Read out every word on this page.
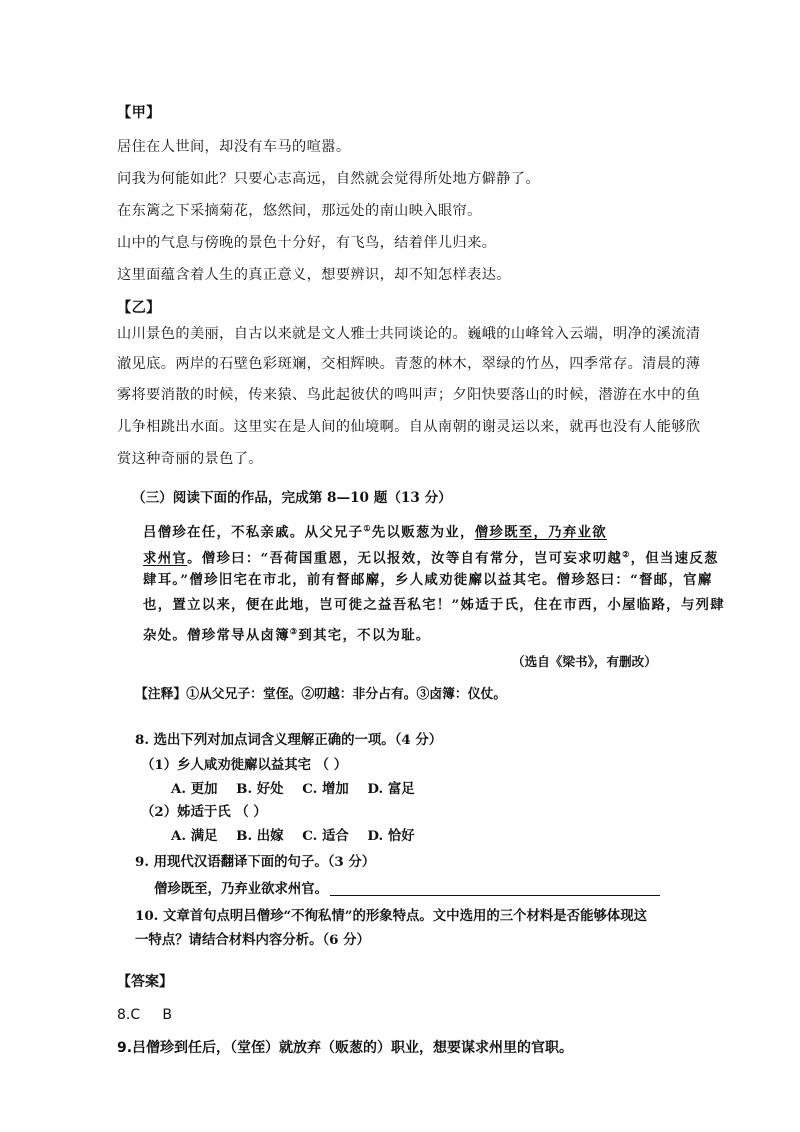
【甲】
居住在人世间，却没有车马的喧嚣。
问我为何能如此？只要心志高远，自然就会觉得所处地方僻静了。
在东篱之下采摘菊花，悠然间，那远处的南山映入眼帘。
山中的气息与傍晚的景色十分好，有飞鸟，结着伴儿归来。
这里面蕴含着人生的真正意义，想要辨识，却不知怎样表达。
【乙】
山川景色的美丽，自古以来就是文人雅士共同谈论的。巍峨的山峰耸入云端，明净的溪流清
澈见底。两岸的石壁色彩斑斓，交相辉映。青葱的林木，翠绿的竹丛，四季常存。清晨的薄
雾将要消散的时候，传来猿、鸟此起彼伏的鸣叫声；夕阳快要落山的时候，潜游在水中的鱼
儿争相跳出水面。这里实在是人间的仙境啊。自从南朝的谢灵运以来，就再也没有人能够欣
赏这种奇丽的景色了。
（三）阅读下面的作品，完成第 8—10 题（13 分）
吕僧珍在任，不私亲戚。从父兄子①先以贩葱为业，僧珍既至，乃弃业欲
求州官。僧珍曰：“吾荷国重恩，无以报效，汝等自有常分，岂可妄求叨越②，但当速反葱
肆耳。”僧珍旧宅在市北，前有督邮廨，乡人咸劝徙廨以益其宅。僧珍怒曰：“督邮，官廨
也，置立以来，便在此地，岂可徙之益吾私宅！”姊适于氏，住在市西，小屋临路，与列肆
杂处。僧珍常导从卤簿③到其宅，不以为耻。
（选自《梁书》，有删改）
【注释】①从父兄子：堂侄。②叨越：非分占有。③卤簿：仪仗。
8. 选出下列对加点词含义理解正确的一项。（4 分）
（1）乡人咸劝徙廨以益其宅 （ ）
A. 更加    B. 好处    C. 增加    D. 富足
（2）姊适于氏 （ ）
A. 满足    B. 出嫁    C. 适合    D. 恰好
9. 用现代汉语翻译下面的句子。（3 分）
僧珍既至，乃弃业欲求州官。
10. 文章首句点明吕僧珍“不徇私情”的形象特点。文中选用的三个材料是否能够体现这
一特点？请结合材料内容分析。（6 分）
【答案】
8.C     B
9.吕僧珍到任后，（堂侄）就放弃（贩葱的）职业，想要谋求州里的官职。
